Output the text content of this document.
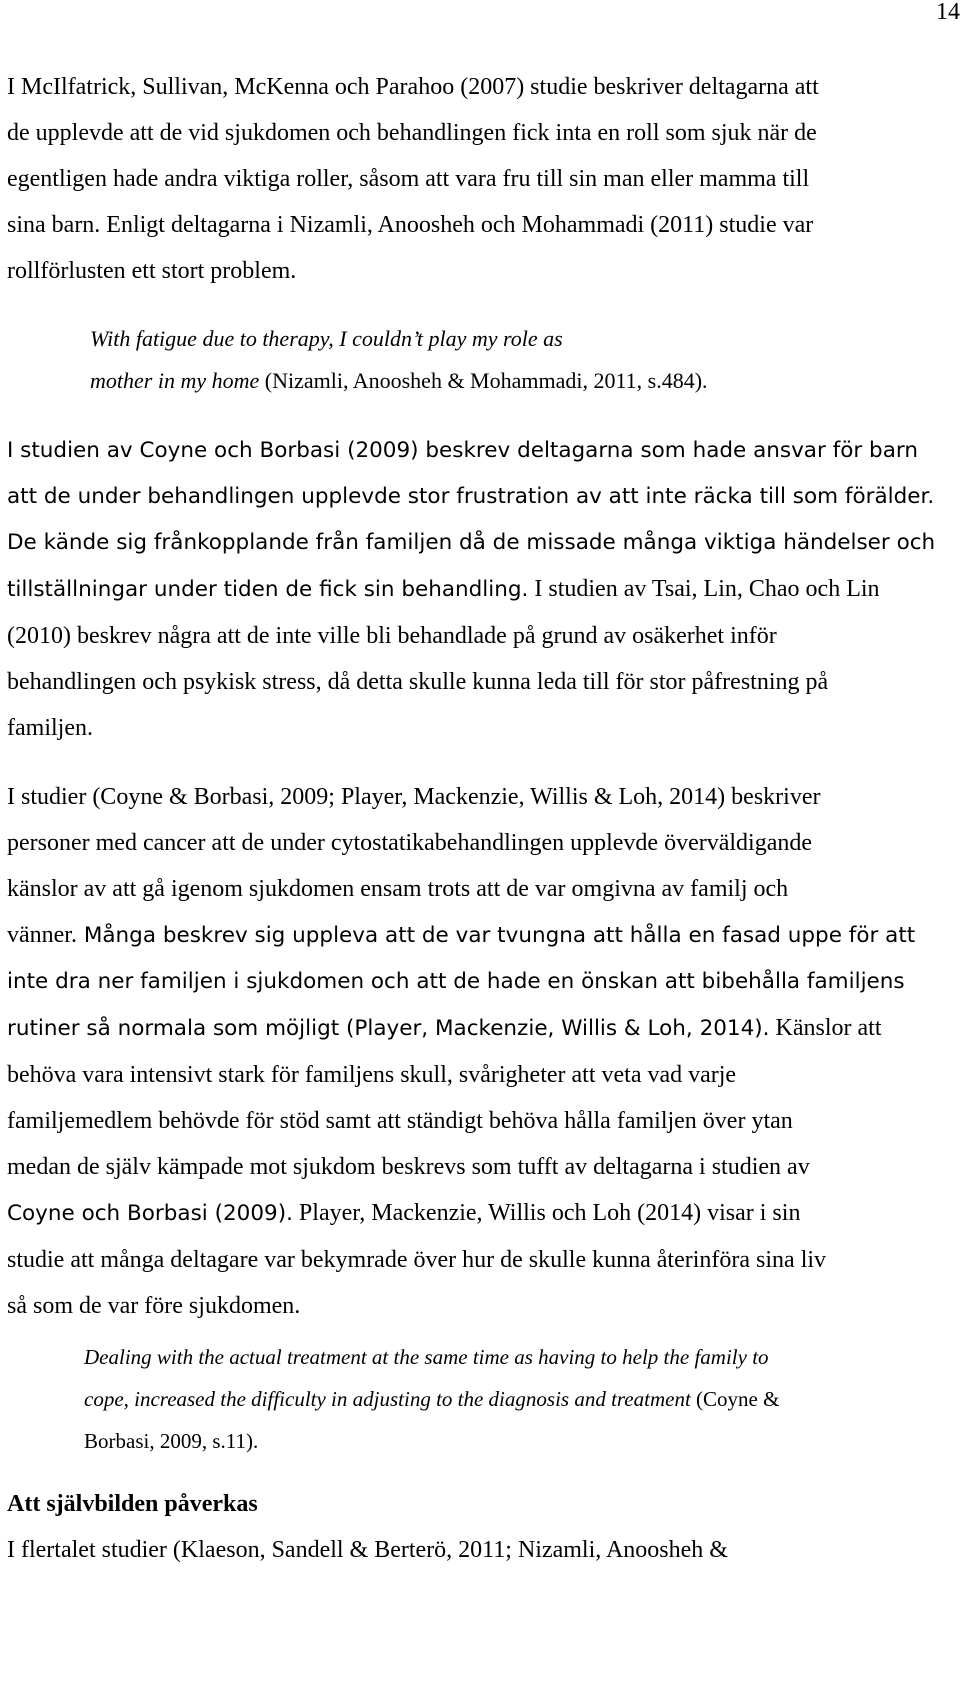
14
I McIlfatrick, Sullivan, McKenna och Parahoo (2007) studie beskriver deltagarna att
de upplevde att de vid sjukdomen och behandlingen fick inta en roll som sjuk när de
egentligen hade andra viktiga roller, såsom att vara fru till sin man eller mamma till
sina barn. Enligt deltagarna i Nizamli, Anoosheh och Mohammadi (2011) studie var
rollförlusten ett stort problem.
With fatigue due to therapy, I couldn’t play my role as
mother in my home (Nizamli, Anoosheh & Mohammadi, 2011, s.484).
I studien av Coyne och Borbasi (2009) beskrev deltagarna som hade ansvar för barn
att de under behandlingen upplevde stor frustration av att inte räcka till som förälder.
De kände sig frånkopplande från familjen då de missade många viktiga händelser och
tillställningar under tiden de fick sin behandling. I studien av Tsai, Lin, Chao och Lin
(2010) beskrev några att de inte ville bli behandlade på grund av osäkerhet inför
behandlingen och psykisk stress, då detta skulle kunna leda till för stor påfrestning på
familjen.
I studier (Coyne & Borbasi, 2009; Player, Mackenzie, Willis & Loh, 2014) beskriver
personer med cancer att de under cytostatikabehandlingen upplevde överväldigande
känslor av att gå igenom sjukdomen ensam trots att de var omgivna av familj och
vänner. Många beskrev sig uppleva att de var tvungna att hålla en fasad uppe för att
inte dra ner familjen i sjukdomen och att de hade en önskan att bibehålla familjens
rutiner så normala som möjligt (Player, Mackenzie, Willis & Loh, 2014). Känslor att
behöva vara intensivt stark för familjens skull, svårigheter att veta vad varje
familjemedlem behövde för stöd samt att ständigt behöva hålla familjen över ytan
medan de själv kämpade mot sjukdom beskrevs som tufft av deltagarna i studien av
Coyne och Borbasi (2009). Player, Mackenzie, Willis och Loh (2014) visar i sin
studie att många deltagare var bekymrade över hur de skulle kunna återinföra sina liv
så som de var före sjukdomen.
Dealing with the actual treatment at the same time as having to help the family to
cope, increased the difficulty in adjusting to the diagnosis and treatment (Coyne &
Borbasi, 2009, s.11).
Att självbilden påverkas
I flertalet studier (Klaeson, Sandell & Berterö, 2011; Nizamli, Anoosheh &
